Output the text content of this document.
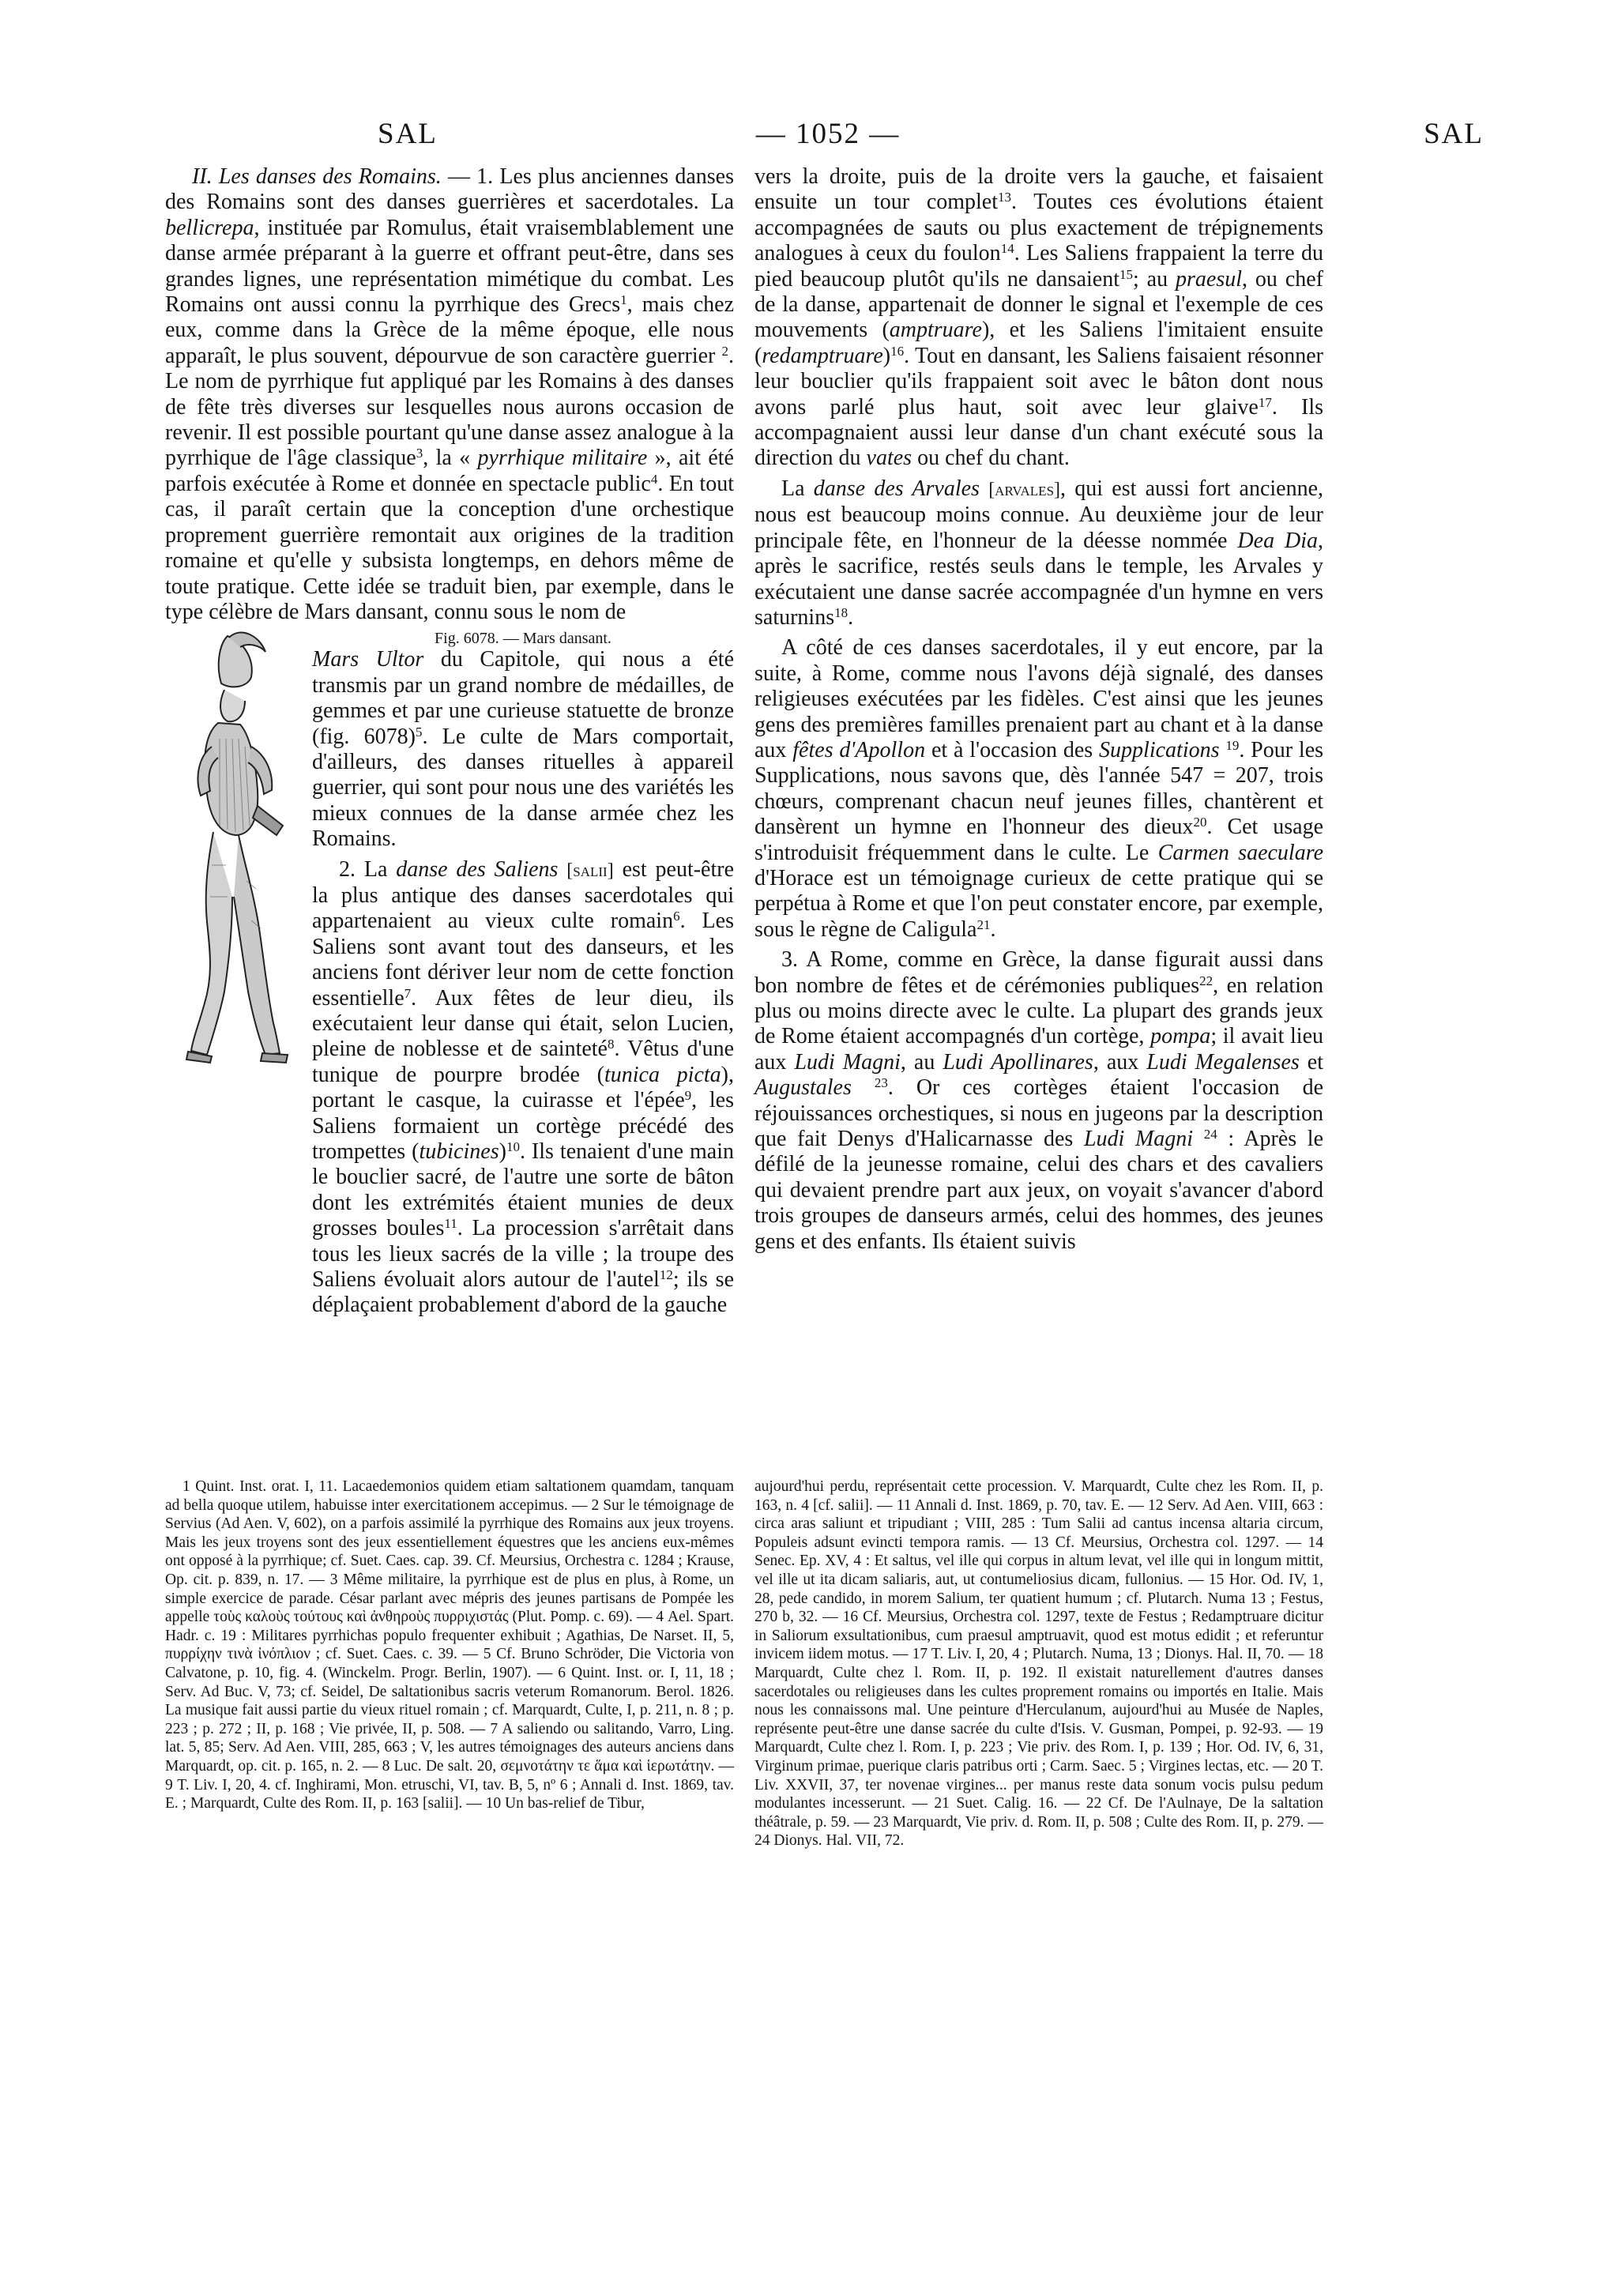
SAL	— 1052 —	SAL

II. Les danses des Romains. — 1. Les plus anciennes danses des Romains sont des danses guerrières et sacerdotales. La bellicrepa, instituée par Romulus, était vraisemblablement une danse armée préparant à la guerre et offrant peut-être, dans ses grandes lignes, une représentation mimétique du combat. Les Romains ont aussi connu la pyrrhique des Grecs$^1$, mais chez eux, comme dans la Grèce de la même époque, elle nous apparaît, le plus souvent, dépourvue de son caractère guerrier $^2$. Le nom de pyrrhique fut appliqué par les Romains à des danses de fête très diverses sur lesquelles nous aurons occasion de revenir. Il est possible pourtant qu'une danse assez analogue à la pyrrhique de l'âge classique$^3$, la « pyrrhique militaire », ait été parfois exécutée à Rome et donnée en spectacle public$^4$. En tout cas, il paraît certain que la conception d'une orchestique proprement guerrière remontait aux origines de la tradition romaine et qu'elle y subsista longtemps, en dehors même de toute pratique. Cette idée se traduit bien, par exemple, dans le type célèbre de Mars dansant, connu sous le nom de

Fig. 6078. — Mars dansant.
Mars Ultor du Capitole, qui nous a été transmis par un grand nombre de médailles, de gemmes et par une curieuse statuette de bronze (fig. 6078)$^5$. Le culte de Mars comportait, d'ailleurs, des danses rituelles à appareil guerrier, qui sont pour nous une des variétés les mieux connues de la danse armée chez les Romains.

2. La danse des Saliens [salii] est peut-être la plus antique des danses sacerdotales qui appartenaient au vieux culte romain$^6$. Les Saliens sont avant tout des danseurs, et les anciens font dériver leur nom de cette fonction essentielle$^7$. Aux fêtes de leur dieu, ils exécutaient leur danse qui était, selon Lucien, pleine de noblesse et de sainteté$^8$. Vêtus d'une tunique de pourpre brodée (tunica picta), portant le casque, la cuirasse et l'épée$^9$, les Saliens formaient un cortège précédé des trompettes (tubicines)$^{10}$. Ils tenaient d'une main le bouclier sacré, de l'autre une sorte de bâton dont les extrémités étaient munies de deux grosses boules$^{11}$. La procession s'arrêtait dans tous les lieux sacrés de la ville ; la troupe des Saliens évoluait alors autour de l'autel$^{12}$; ils se déplaçaient probablement d'abord de la gauche

vers la droite, puis de la droite vers la gauche, et faisaient ensuite un tour complet$^{13}$. Toutes ces évolutions étaient accompagnées de sauts ou plus exactement de trépignements analogues à ceux du foulon$^{14}$. Les Saliens frappaient la terre du pied beaucoup plutôt qu'ils ne dansaient$^{15}$; au praesul, ou chef de la danse, appartenait de donner le signal et l'exemple de ces mouvements (amptruare), et les Saliens l'imitaient ensuite (redamptruare)$^{16}$. Tout en dansant, les Saliens faisaient résonner leur bouclier qu'ils frappaient soit avec le bâton dont nous avons parlé plus haut, soit avec leur glaive$^{17}$. Ils accompagnaient aussi leur danse d'un chant exécuté sous la direction du vates ou chef du chant.

La danse des Arvales [arvales], qui est aussi fort ancienne, nous est beaucoup moins connue. Au deuxième jour de leur principale fête, en l'honneur de la déesse nommée Dea Dia, après le sacrifice, restés seuls dans le temple, les Arvales y exécutaient une danse sacrée accompagnée d'un hymne en vers saturnins$^{18}$.

A côté de ces danses sacerdotales, il y eut encore, par la suite, à Rome, comme nous l'avons déjà signalé, des danses religieuses exécutées par les fidèles. C'est ainsi que les jeunes gens des premières familles prenaient part au chant et à la danse aux fêtes d'Apollon et à l'occasion des Supplications $^{19}$. Pour les Supplications, nous savons que, dès l'année 547 = 207, trois chœurs, comprenant chacun neuf jeunes filles, chantèrent et dansèrent un hymne en l'honneur des dieux$^{20}$. Cet usage s'introduisit fréquemment dans le culte. Le Carmen saeculare d'Horace est un témoignage curieux de cette pratique qui se perpétua à Rome et que l'on peut constater encore, par exemple, sous le règne de Caligula$^{21}$.

3. A Rome, comme en Grèce, la danse figurait aussi dans bon nombre de fêtes et de cérémonies publiques$^{22}$, en relation plus ou moins directe avec le culte. La plupart des grands jeux de Rome étaient accompagnés d'un cortège, pompa; il avait lieu aux Ludi Magni, au Ludi Apollinares, aux Ludi Megalenses et Augustales $^{23}$. Or ces cortèges étaient l'occasion de réjouissances orchestiques, si nous en jugeons par la description que fait Denys d'Halicarnasse des Ludi Magni $^{24}$ : Après le défilé de la jeunesse romaine, celui des chars et des cavaliers qui devaient prendre part aux jeux, on voyait s'avancer d'abord trois groupes de danseurs armés, celui des hommes, des jeunes gens et des enfants. Ils étaient suivis

1 Quint. Inst. orat. I, 11. Lacaedemonios quidem etiam saltationem quamdam, tanquam ad bella quoque utilem, habuisse inter exercitationem accepimus. — 2 Sur le témoignage de Servius (Ad Aen. V, 602), on a parfois assimilé la pyrrhique des Romains aux jeux troyens. Mais les jeux troyens sont des jeux essentiellement équestres que les anciens eux-mêmes ont opposé à la pyrrhique; cf. Suet. Caes. cap. 39. Cf. Meursius, Orchestra c. 1284 ; Krause, Op. cit. p. 839, n. 17. — 3 Même militaire, la pyrrhique est de plus en plus, à Rome, un simple exercice de parade. César parlant avec mépris des jeunes partisans de Pompée les appelle τοὺς καλοὺς τούτους καὶ ἀνθηροὺς πυρριχιστάς (Plut. Pomp. c. 69). — 4 Ael. Spart. Hadr. c. 19 : Militares pyrrhichas populo frequenter exhibuit ; Agathias, De Narset. II, 5, πυρρίχην τινὰ ἰνόπλιον ; cf. Suet. Caes. c. 39. — 5 Cf. Bruno Schröder, Die Victoria von Calvatone, p. 10, fig. 4. (Winckelm. Progr. Berlin, 1907). — 6 Quint. Inst. or. I, 11, 18 ; Serv. Ad Buc. V, 73; cf. Seidel, De saltationibus sacris veterum Romanorum. Berol. 1826. La musique fait aussi partie du vieux rituel romain ; cf. Marquardt, Culte, I, p. 211, n. 8 ; p. 223 ; p. 272 ; II, p. 168 ; Vie privée, II, p. 508. — 7 A saliendo ou salitando, Varro, Ling. lat. 5, 85; Serv. Ad Aen. VIII, 285, 663 ; V, les autres témoignages des auteurs anciens dans Marquardt, op. cit. p. 165, n. 2. — 8 Luc. De salt. 20, σεμνοτάτην τε ἅμα καὶ ἱερωτάτην. — 9 T. Liv. I, 20, 4. cf. Inghirami, Mon. etruschi, VI, tav. B, 5, nº 6 ; Annali d. Inst. 1869, tav. E. ; Marquardt, Culte des Rom. II, p. 163 [salii]. — 10 Un bas-relief de Tibur,

aujourd'hui perdu, représentait cette procession. V. Marquardt, Culte chez les Rom. II, p. 163, n. 4 [cf. salii]. — 11 Annali d. Inst. 1869, p. 70, tav. E. — 12 Serv. Ad Aen. VIII, 663 : circa aras saliunt et tripudiant ; VIII, 285 : Tum Salii ad cantus incensa altaria circum, Populeis adsunt evincti tempora ramis. — 13 Cf. Meursius, Orchestra col. 1297. — 14 Senec. Ep. XV, 4 : Et saltus, vel ille qui corpus in altum levat, vel ille qui in longum mittit, vel ille ut ita dicam saliaris, aut, ut contumeliosius dicam, fullonius. — 15 Hor. Od. IV, 1, 28, pede candido, in morem Salium, ter quatient humum ; cf. Plutarch. Numa 13 ; Festus, 270 b, 32. — 16 Cf. Meursius, Orchestra col. 1297, texte de Festus ; Redamptruare dicitur in Saliorum exsultationibus, cum praesul amptruavit, quod est motus edidit ; et referuntur invicem iidem motus. — 17 T. Liv. I, 20, 4 ; Plutarch. Numa, 13 ; Dionys. Hal. II, 70. — 18 Marquardt, Culte chez l. Rom. II, p. 192. Il existait naturellement d'autres danses sacerdotales ou religieuses dans les cultes proprement romains ou importés en Italie. Mais nous les connaissons mal. Une peinture d'Herculanum, aujourd'hui au Musée de Naples, représente peut-être une danse sacrée du culte d'Isis. V. Gusman, Pompei, p. 92-93. — 19 Marquardt, Culte chez l. Rom. I, p. 223 ; Vie priv. des Rom. I, p. 139 ; Hor. Od. IV, 6, 31, Virginum primae, puerique claris patribus orti ; Carm. Saec. 5 ; Virgines lectas, etc. — 20 T. Liv. XXVII, 37, ter novenae virgines... per manus reste data sonum vocis pulsu pedum modulantes incesserunt. — 21 Suet. Calig. 16. — 22 Cf. De l'Aulnaye, De la saltation théâtrale, p. 59. — 23 Marquardt, Vie priv. d. Rom. II, p. 508 ; Culte des Rom. II, p. 279. — 24 Dionys. Hal. VII, 72.
